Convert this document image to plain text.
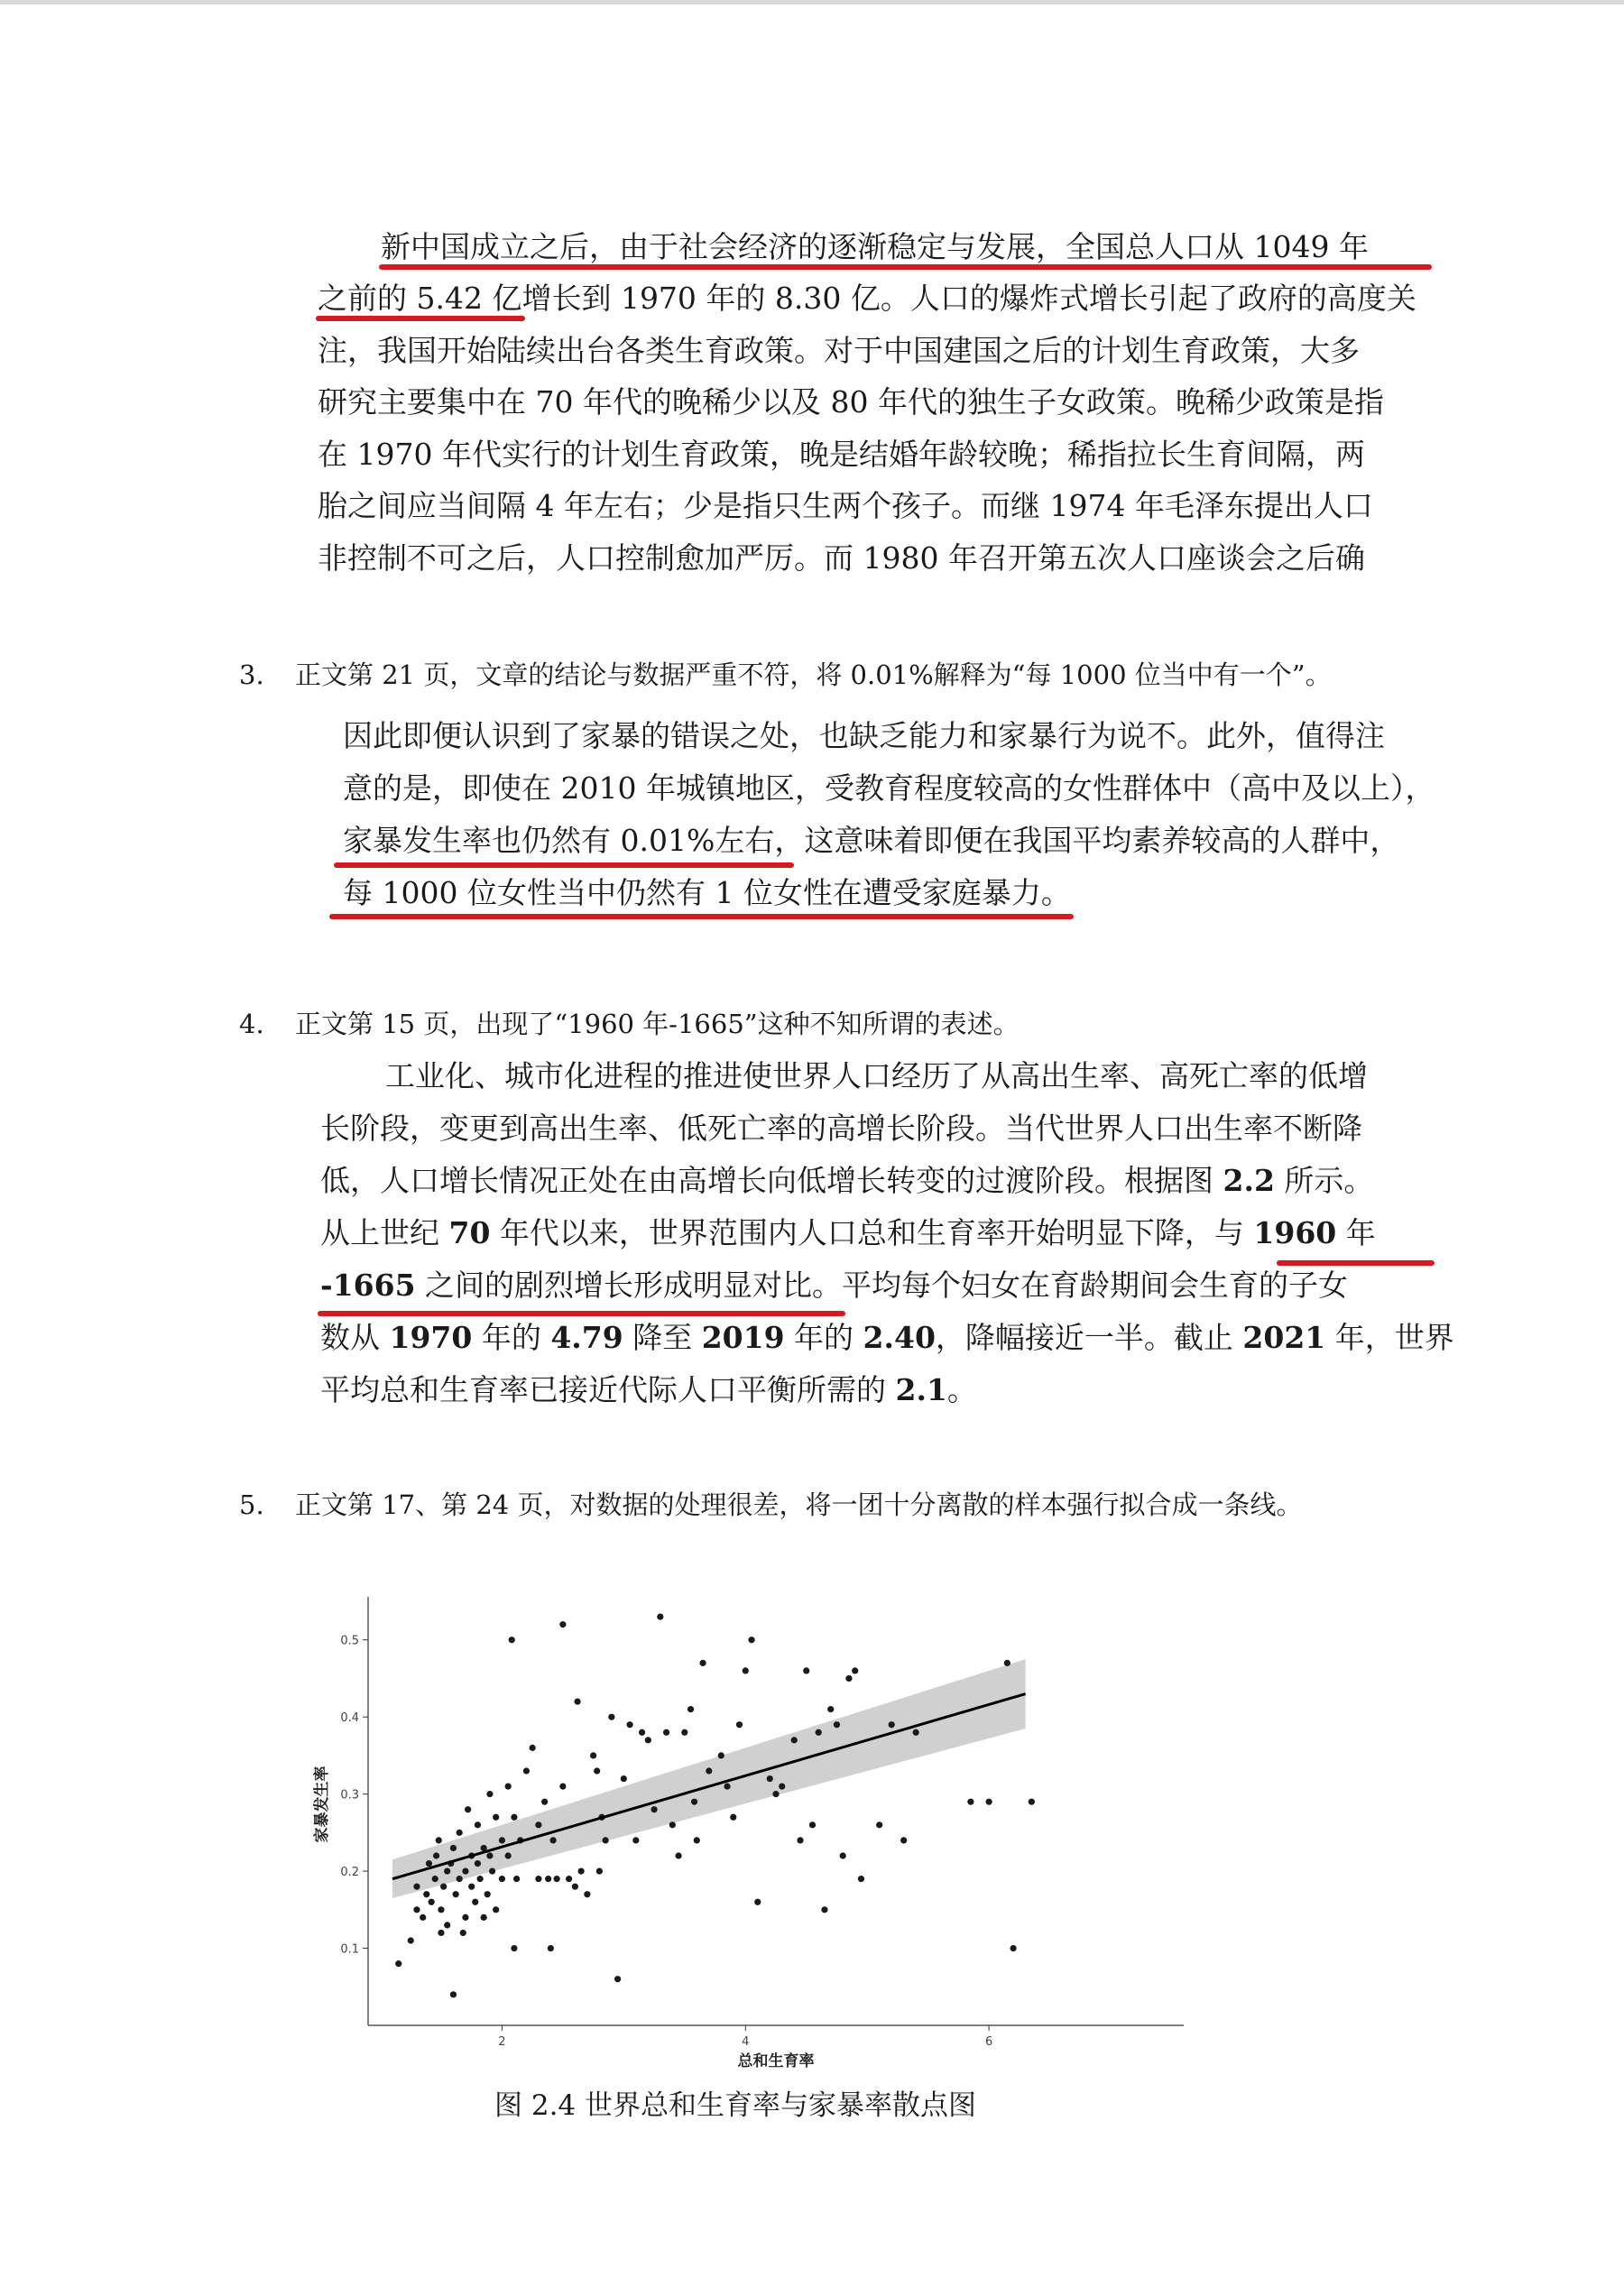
新中国成立之后，由于社会经济的逐渐稳定与发展，全国总人口从 1049 年
之前的 5.42 亿增长到 1970 年的 8.30 亿。人口的爆炸式增长引起了政府的高度关
注，我国开始陆续出台各类生育政策。对于中国建国之后的计划生育政策，大多
研究主要集中在 70 年代的晚稀少以及 80 年代的独生子女政策。晚稀少政策是指
在 1970 年代实行的计划生育政策，晚是结婚年龄较晚；稀指拉长生育间隔，两
胎之间应当间隔 4 年左右；少是指只生两个孩子。而继 1974 年毛泽东提出人口
非控制不可之后，人口控制愈加严厉。而 1980 年召开第五次人口座谈会之后确
3. 正文第 21 页，文章的结论与数据严重不符，将 0.01%解释为“每 1000 位当中有一个”。
因此即便认识到了家暴的错误之处，也缺乏能力和家暴行为说不。此外，值得注
意的是，即使在 2010 年城镇地区，受教育程度较高的女性群体中（高中及以上），
家暴发生率也仍然有 0.01%左右，这意味着即便在我国平均素养较高的人群中，
每 1000 位女性当中仍然有 1 位女性在遭受家庭暴力。
4. 正文第 15 页，出现了“1960 年-1665”这种不知所谓的表述。
工业化、城市化进程的推进使世界人口经历了从高出生率、高死亡率的低增
长阶段，变更到高出生率、低死亡率的高增长阶段。当代世界人口出生率不断降
低，人口增长情况正处在由高增长向低增长转变的过渡阶段。根据图 2.2 所示。
从上世纪 70 年代以来，世界范围内人口总和生育率开始明显下降，与 1960 年
-1665 之间的剧烈增长形成明显对比。平均每个妇女在育龄期间会生育的子女
数从 1970 年的 4.79 降至 2019 年的 2.40，降幅接近一半。截止 2021 年，世界
平均总和生育率已接近代际人口平衡所需的 2.1。
5. 正文第 17、第 24 页，对数据的处理很差，将一团十分离散的样本强行拟合成一条线。
0.1
0.2
0.3
0.4
0.5
2	4	6
总和生育率
家暴发生率
图 2.4 世界总和生育率与家暴率散点图
